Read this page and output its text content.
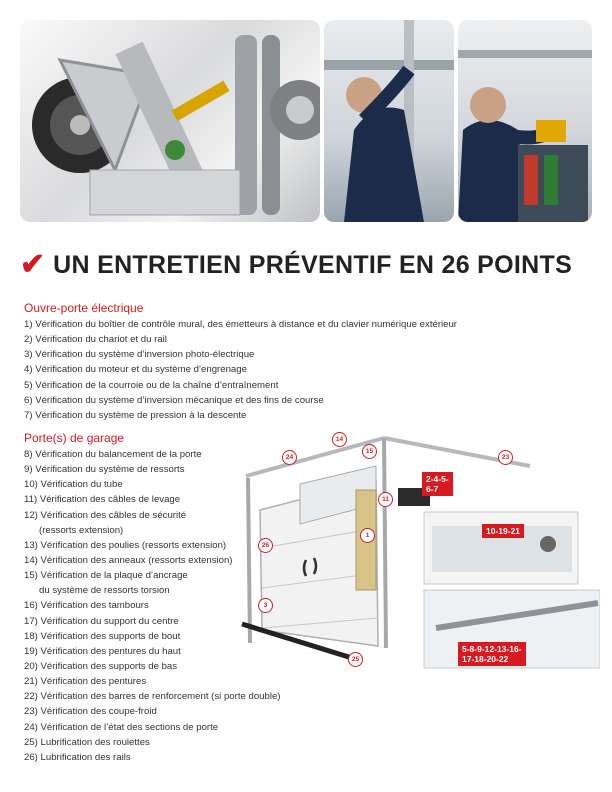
✔ UN ENTRETIEN PRÉVENTIF EN 26 POINTS
Ouvre-porte électrique
1) Vérification du boîtier de contrôle mural, des émetteurs à distance et du clavier numérique extérieur
2) Vérification du chariot et du rail
3) Vérification du système d’inversion photo-électrique
4) Vérification du moteur et du système d’engrenage
5) Vérification de la courroie ou de la chaîne d’entraînement
6) Vérification du système d’inversion mécanique et des fins de course
7) Vérification du système de pression à la descente
Porte(s) de garage
8) Vérification du balancement de la porte
9) Vérification du système de ressorts
10) Vérification du tube
11) Vérification des câbles de levage
12) Vérification des câbles de sécurité
(ressorts extension)
13) Vérification des poulies (ressorts extension)
14) Vérification des anneaux (ressorts extension)
15) Vérification de la plaque d’ancrage
du système de ressorts torsion
16) Vérification des tambours
17) Vérification du support du centre
18) Vérification des supports de bout
19) Vérification des pentures du haut
20) Vérification des supports de bas
21) Vérification des pentures
22) Vérification des barres de renforcement (si porte double)
23) Vérification des coupe-froid
24) Vérification de l’état des sections de porte
25) Lubrification des roulettes
26) Lubrification des rails
2-4-5-
6-7
10-19-21
5-8-9-12-13-16-
17-18-20-22
14
24
15
23
11
1
26
3
25
